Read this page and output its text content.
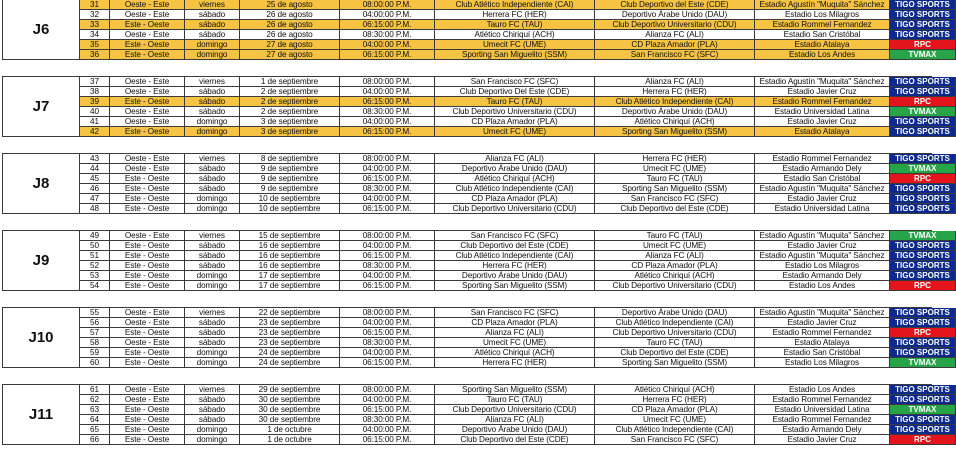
31	Oeste - Este	viernes	25 de agosto	08:00:00 P.M.	Club Atlético Independiente (CAI)	Club Deportivo del Este (CDE)	Estadio Agustín "Muquita" Sánchez	TIGO SPORTS
32	Oeste - Este	sábado	26 de agosto	04:00:00 P.M.	Herrera FC (HER)	Deportivo Árabe Unido (DAU)	Estadio Los Milagros	TIGO SPORTS
33	Este - Oeste	sábado	26 de agosto	06:15:00 P.M.	Tauro FC (TAU)	Club Deportivo Universitario (CDU)	Estadio Rommel Fernandez	TIGO SPORTS
34	Oeste - Este	sábado	26 de agosto	08:30:00 P.M.	Atlético Chiriquí (ACH)	Alianza FC (ALI)	Estadio San Cristóbal	TIGO SPORTS
35	Este - Oeste	domingo	27 de agosto	04:00:00 P.M.	Umecit FC (UME)	CD Plaza Amador (PLA)	Estadio Atalaya	RPC
36	Este - Oeste	domingo	27 de agosto	06:15:00 P.M.	Sporting San Miguelito (SSM)	San Francisco FC (SFC)	Estadio Los Andes	TVMAX
J6
37	Oeste - Este	viernes	1 de septiembre	08:00:00 P.M.	San Francisco FC (SFC)	Alianza FC (ALI)	Estadio Agustín "Muquita" Sánchez	TIGO SPORTS
38	Oeste - Este	sábado	2 de septiembre	04:00:00 P.M.	Club Deportivo Del Este (CDE)	Herrera FC (HER)	Estadio Javier Cruz	TIGO SPORTS
39	Este - Oeste	sábado	2 de septiembre	06:15:00 P.M.	Tauro FC (TAU)	Club Atlético Independiente (CAI)	Estadio Rommel Fernandez	RPC
40	Oeste - Este	sábado	2 de septiembre	08:30:00 P.M.	Club Deportivo Universitario (CDU)	Deportivo Árabe Unido (DAU)	Estadio Universidad Latina	TVMAX
41	Oeste - Este	domingo	3 de septiembre	04:00:00 P.M.	CD Plaza Amador (PLA)	Atlético Chiriquí (ACH)	Estadio Javier Cruz	TIGO SPORTS
42	Este - Oeste	domingo	3 de septiembre	06:15:00 P.M.	Umecit FC (UME)	Sporting San Miguelito (SSM)	Estadio Atalaya	TIGO SPORTS
J7
43	Oeste - Este	viernes	8 de septiembre	08:00:00 P.M.	Alianza FC (ALI)	Herrera FC (HER)	Estadio Rommel Fernandez	TIGO SPORTS
44	Oeste - Este	sábado	9 de septiembre	04:00:00 P.M.	Deportivo Árabe Unido (DAU)	Umecit FC (UME)	Estadio Armando Dely	TVMAX
45	Este - Oeste	sábado	9 de septiembre	06:15:00 P.M.	Atlético Chiriquí (ACH)	Tauro FC (TAU)	Estadio San Cristóbal	RPC
46	Este - Oeste	sábado	9 de septiembre	08:30:00 P.M.	Club Atlético Independiente (CAI)	Sporting San Miguelito (SSM)	Estadio Agustín "Muquita" Sánchez	TIGO SPORTS
47	Este - Oeste	domingo	10 de septiembre	04:00:00 P.M.	CD Plaza Amador (PLA)	San Francisco FC (SFC)	Estadio Javier Cruz	TIGO SPORTS
48	Este - Oeste	domingo	10 de septiembre	06:15:00 P.M.	Club Deportivo Universitario (CDU)	Club Deportivo del Este (CDE)	Estadio Universidad Latina	TIGO SPORTS
J8
49	Oeste - Este	viernes	15 de septiembre	08:00:00 P.M.	San Francisco FC (SFC)	Tauro FC (TAU)	Estadio Agustín "Muquita" Sánchez	TVMAX
50	Este - Oeste	sábado	16 de septiembre	04:00:00 P.M.	Club Deportivo del Este (CDE)	Umecit FC (UME)	Estadio Javier Cruz	TIGO SPORTS
51	Este - Oeste	sábado	16 de septiembre	06:15:00 P.M.	Club Atlético Independiente (CAI)	Alianza FC (ALI)	Estadio Agustín "Muquita" Sánchez	TIGO SPORTS
52	Este - Oeste	sábado	16 de septiembre	08:30:00 P.M.	Herrera FC (HER)	CD Plaza Amador (PLA)	Estadio Los Milagros	TIGO SPORTS
53	Este - Oeste	domingo	17 de septiembre	04:00:00 P.M.	Deportivo Árabe Unido (DAU)	Atlético Chiriquí (ACH)	Estadio Armando Dely	TIGO SPORTS
54	Este - Oeste	domingo	17 de septiembre	06:15:00 P.M.	Sporting San Miguelito (SSM)	Club Deportivo Universitario (CDU)	Estadio Los Andes	RPC
J9
55	Oeste - Este	viernes	22 de septiembre	08:00:00 P.M.	San Francisco FC (SFC)	Deportivo Árabe Unido (DAU)	Estadio Agustín "Muquita" Sánchez	TIGO SPORTS
56	Oeste - Este	sábado	23 de septiembre	04:00:00 P.M.	CD Plaza Amador (PLA)	Club Atlético Independiente (CAI)	Estadio Javier Cruz	TIGO SPORTS
57	Este - Oeste	sábado	23 de septiembre	06:15:00 P.M.	Alianza FC (ALI)	Club Deportivo Universitario (CDU)	Estadio Rommel Fernandez	RPC
58	Oeste - Este	sábado	23 de septiembre	08:30:00 P.M.	Umecit FC (UME)	Tauro FC (TAU)	Estadio Atalaya	TIGO SPORTS
59	Este - Oeste	domingo	24 de septiembre	04:00:00 P.M.	Atlético Chiriquí (ACH)	Club Deportivo del Este (CDE)	Estadio San Cristóbal	TIGO SPORTS
60	Este - Oeste	domingo	24 de septiembre	06:15:00 P.M.	Herrera FC (HER)	Sporting San Miguelito (SSM)	Estadio Los Milagros	TVMAX
J10
61	Oeste - Este	viernes	29 de septiembre	08:00:00 P.M.	Sporting San Miguelito (SSM)	Atlético Chiriquí (ACH)	Estadio Los Andes	TIGO SPORTS
62	Oeste - Este	sábado	30 de septiembre	04:00:00 P.M.	Tauro FC (TAU)	Herrera FC (HER)	Estadio Rommel Fernandez	TIGO SPORTS
63	Este - Oeste	sábado	30 de septiembre	06:15:00 P.M.	Club Deportivo Universitario (CDU)	CD Plaza Amador (PLA)	Estadio Universidad Latina	TVMAX
64	Este - Oeste	sábado	30 de septiembre	08:30:00 P.M.	Alianza FC (ALI)	Umecit FC (UME)	Estadio Rommel Fernandez	TIGO SPORTS
65	Este - Oeste	domingo	1 de octubre	04:00:00 P.M.	Deportivo Árabe Unido (DAU)	Club Atlético Independiente (CAI)	Estadio Armando Dely	TIGO SPORTS
66	Este - Oeste	domingo	1 de octubre	06:15:00 P.M.	Club Deportivo del Este (CDE)	San Francisco FC (SFC)	Estadio Javier Cruz	RPC
J11
